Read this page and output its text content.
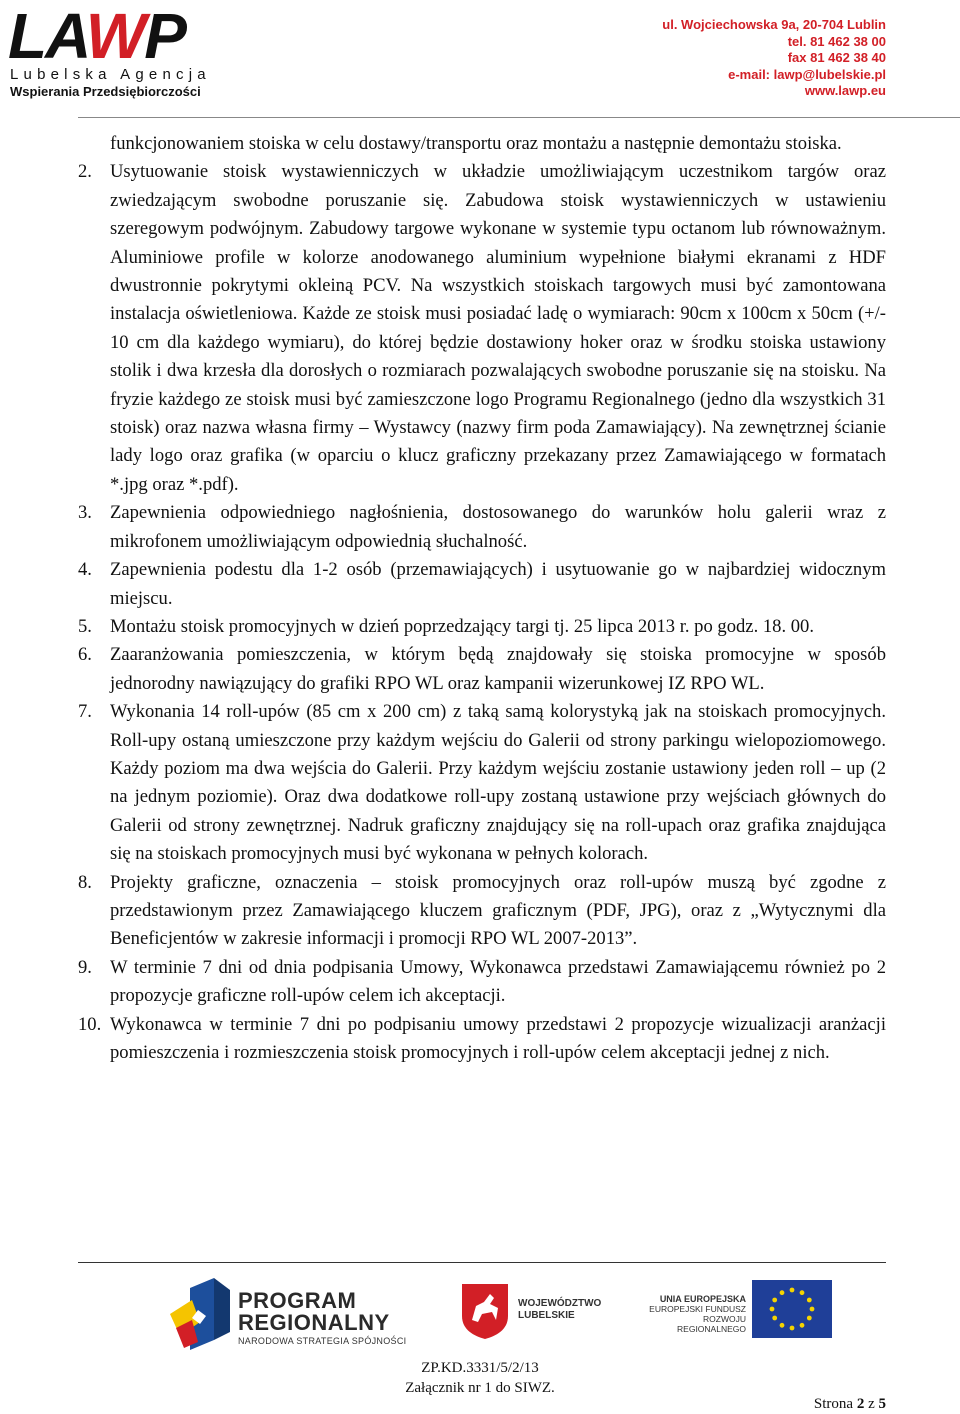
LAWP
Lubelska Agencja
Wspierania Przedsiębiorczości
ul. Wojciechowska 9a, 20-704 Lublin
tel. 81 462 38 00
fax 81 462 38 40
e-mail: lawp@lubelskie.pl
www.lawp.eu

funkcjonowaniem stoiska w celu dostawy/transportu oraz montażu a następnie demontażu stoiska.

2. Usytuowanie stoisk wystawienniczych w układzie umożliwiającym uczestnikom targów oraz zwiedzającym swobodne poruszanie się. Zabudowa stoisk wystawienniczych w ustawieniu szeregowym podwójnym. Zabudowy targowe wykonane w systemie typu octanom lub równoważnym. Aluminiowe profile w kolorze anodowanego aluminium wypełnione białymi ekranami z HDF dwustronnie pokrytymi okleiną PCV. Na wszystkich stoiskach targowych musi być zamontowana instalacja oświetleniowa. Każde ze stoisk musi posiadać ladę o wymiarach: 90cm x 100cm x 50cm (+/- 10 cm dla każdego wymiaru), do której będzie dostawiony hoker oraz w środku stoiska ustawiony stolik i dwa krzesła dla dorosłych o rozmiarach pozwalających swobodne poruszanie się na stoisku. Na fryzie każdego ze stoisk musi być zamieszczone logo Programu Regionalnego (jedno dla wszystkich 31 stoisk) oraz nazwa własna firmy – Wystawcy (nazwy firm poda Zamawiający). Na zewnętrznej ścianie lady logo oraz grafika (w oparciu o klucz graficzny przekazany przez Zamawiającego w formatach *.jpg oraz *.pdf).
3. Zapewnienia odpowiedniego nagłośnienia, dostosowanego do warunków holu galerii wraz z mikrofonem umożliwiającym odpowiednią słuchalność.
4. Zapewnienia podestu dla 1-2 osób (przemawiających) i usytuowanie go w najbardziej widocznym miejscu.
5. Montażu stoisk promocyjnych w dzień poprzedzający targi tj. 25 lipca 2013 r. po godz. 18. 00.
6. Zaaranżowania pomieszczenia, w którym będą znajdowały się stoiska promocyjne w sposób jednorodny nawiązujący do grafiki RPO WL oraz kampanii wizerunkowej IZ RPO WL.
7. Wykonania 14 roll-upów (85 cm x 200 cm) z taką samą kolorystyką jak na stoiskach promocyjnych. Roll-upy ostaną umieszczone przy każdym wejściu do Galerii od strony parkingu wielopoziomowego. Każdy poziom ma dwa wejścia do Galerii. Przy każdym wejściu zostanie ustawiony jeden roll – up (2 na jednym poziomie). Oraz dwa dodatkowe roll-upy zostaną ustawione przy wejściach głównych do Galerii od strony zewnętrznej. Nadruk graficzny znajdujący się na roll-upach oraz grafika znajdująca się na stoiskach promocyjnych musi być wykonana w pełnych kolorach.
8. Projekty graficzne, oznaczenia – stoisk promocyjnych oraz roll-upów muszą być zgodne z przedstawionym przez Zamawiającego kluczem graficznym (PDF, JPG), oraz z „Wytycznymi dla Beneficjentów w zakresie informacji i promocji RPO WL 2007-2013”.
9. W terminie 7 dni od dnia podpisania Umowy, Wykonawca przedstawi Zamawiającemu również po 2 propozycje graficzne roll-upów celem ich akceptacji.
10. Wykonawca w terminie 7 dni po podpisaniu umowy przedstawi 2 propozycje wizualizacji aranżacji pomieszczenia i rozmieszczenia stoisk promocyjnych i roll-upów celem akceptacji jednej z nich.
PROGRAM
REGIONALNY
NARODOWA STRATEGIA SPÓJNOŚCI
WOJEWÓDZTWO
LUBELSKIE
UNIA EUROPEJSKA
EUROPEJSKI FUNDUSZ
ROZWOJU REGIONALNEGO
ZP.KD.3331/5/2/13
Załącznik nr 1 do SIWZ.
Strona 2 z 5
